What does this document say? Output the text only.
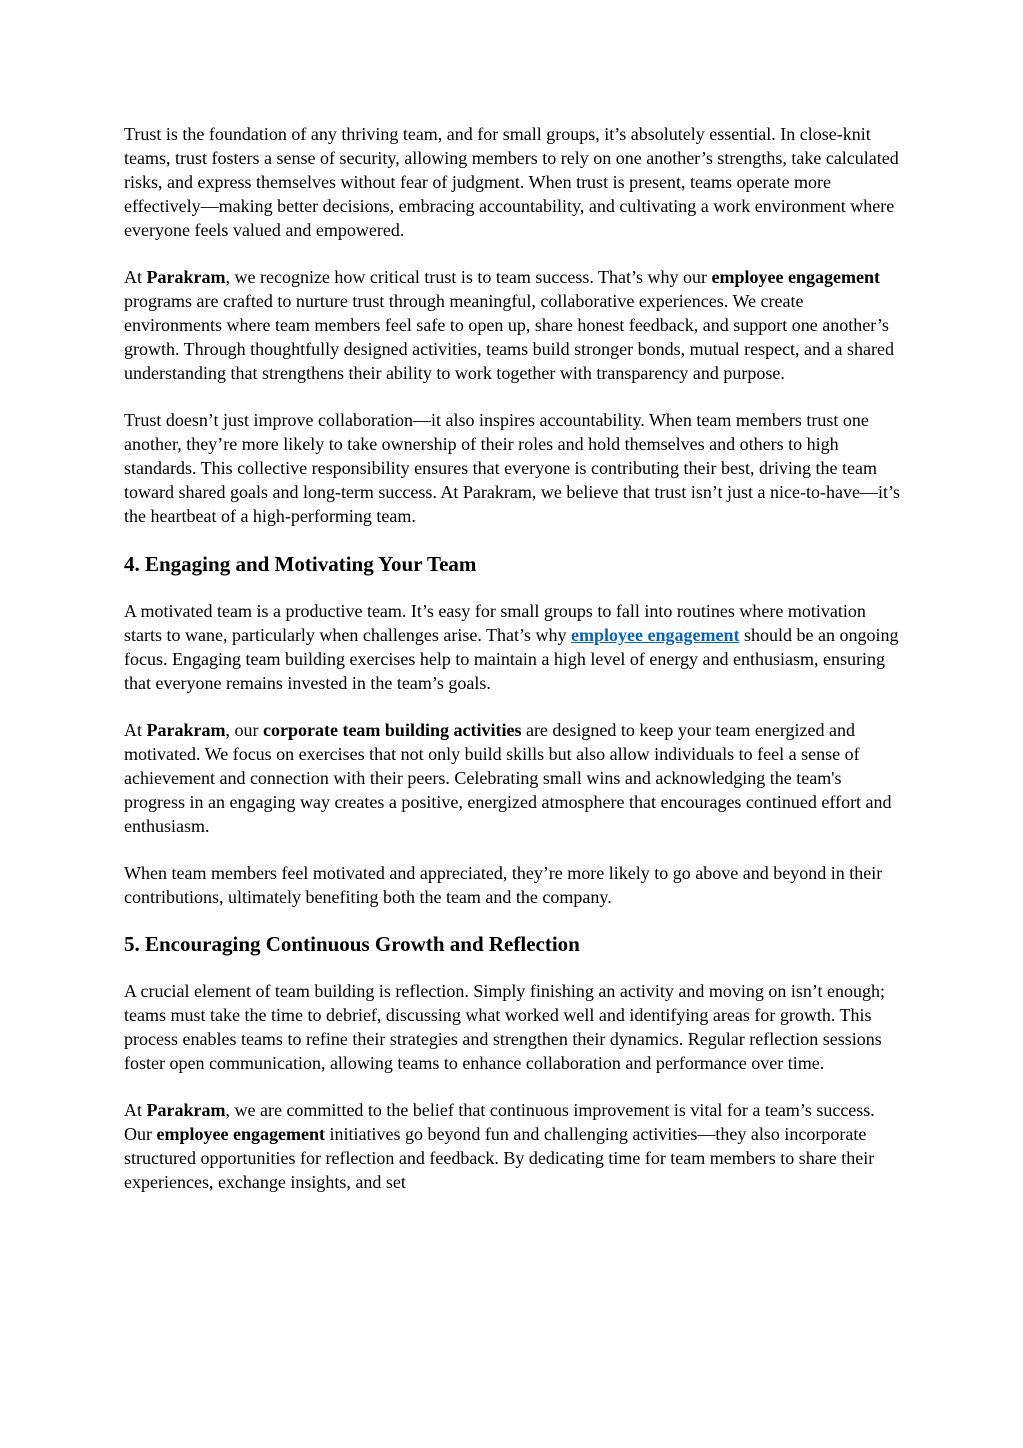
Trust is the foundation of any thriving team, and for small groups, it’s absolutely essential. In close-knit teams, trust fosters a sense of security, allowing members to rely on one another’s strengths, take calculated risks, and express themselves without fear of judgment. When trust is present, teams operate more effectively—making better decisions, embracing accountability, and cultivating a work environment where everyone feels valued and empowered.

At Parakram, we recognize how critical trust is to team success. That’s why our employee engagement programs are crafted to nurture trust through meaningful, collaborative experiences. We create environments where team members feel safe to open up, share honest feedback, and support one another’s growth. Through thoughtfully designed activities, teams build stronger bonds, mutual respect, and a shared understanding that strengthens their ability to work together with transparency and purpose.

Trust doesn’t just improve collaboration—it also inspires accountability. When team members trust one another, they’re more likely to take ownership of their roles and hold themselves and others to high standards. This collective responsibility ensures that everyone is contributing their best, driving the team toward shared goals and long-term success. At Parakram, we believe that trust isn’t just a nice-to-have—it’s the heartbeat of a high-performing team.

4. Engaging and Motivating Your Team

A motivated team is a productive team. It’s easy for small groups to fall into routines where motivation starts to wane, particularly when challenges arise. That’s why employee engagement should be an ongoing focus. Engaging team building exercises help to maintain a high level of energy and enthusiasm, ensuring that everyone remains invested in the team’s goals.

At Parakram, our corporate team building activities are designed to keep your team energized and motivated. We focus on exercises that not only build skills but also allow individuals to feel a sense of achievement and connection with their peers. Celebrating small wins and acknowledging the team's progress in an engaging way creates a positive, energized atmosphere that encourages continued effort and enthusiasm.

When team members feel motivated and appreciated, they’re more likely to go above and beyond in their contributions, ultimately benefiting both the team and the company.

5. Encouraging Continuous Growth and Reflection

A crucial element of team building is reflection. Simply finishing an activity and moving on isn’t enough; teams must take the time to debrief, discussing what worked well and identifying areas for growth. This process enables teams to refine their strategies and strengthen their dynamics. Regular reflection sessions foster open communication, allowing teams to enhance collaboration and performance over time.

At Parakram, we are committed to the belief that continuous improvement is vital for a team’s success. Our employee engagement initiatives go beyond fun and challenging activities—they also incorporate structured opportunities for reflection and feedback. By dedicating time for team members to share their experiences, exchange insights, and set
